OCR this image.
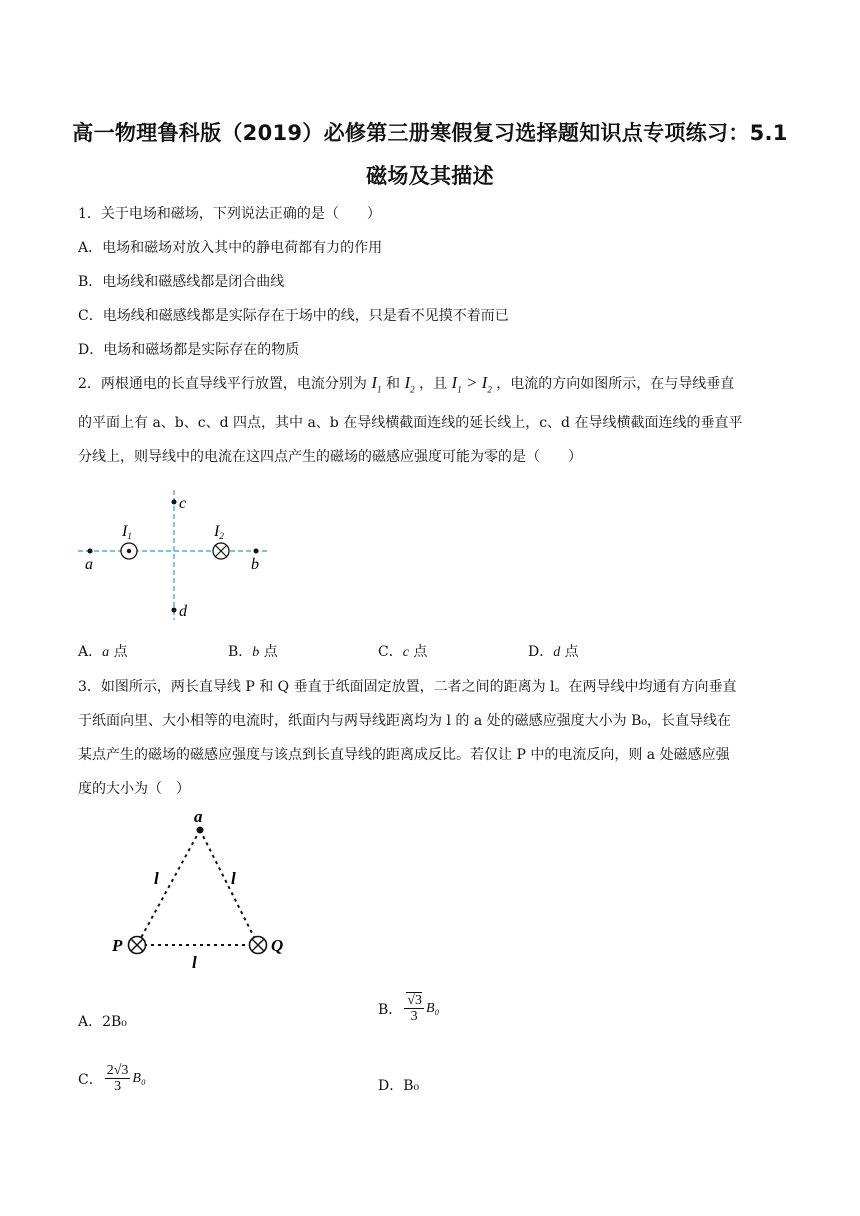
高一物理鲁科版（2019）必修第三册寒假复习选择题知识点专项练习：5.1
磁场及其描述
1．关于电场和磁场，下列说法正确的是（　　）
A．电场和磁场对放入其中的静电荷都有力的作用
B．电场线和磁感线都是闭合曲线
C．电场线和磁感线都是实际存在于场中的线，只是看不见摸不着而已
D．电场和磁场都是实际存在的物质
2．两根通电的长直导线平行放置，电流分别为 $I_1$ 和 $I_2$ ，且 $I_1 > I_2$ ，电流的方向如图所示，在与导线垂直
的平面上有 a、b、c、d 四点，其中 a、b 在导线横截面连线的延长线上，c、d 在导线横截面连线的垂直平
分线上，则导线中的电流在这四点产生的磁场的磁感应强度可能为零的是（　　）
a	b
c
d
I1	I2
A．a 点	B．b 点	C．c 点	D．d 点
3．如图所示，两长直导线 P 和 Q 垂直于纸面固定放置，二者之间的距离为 l。在两导线中均通有方向垂直
于纸面向里、大小相等的电流时，纸面内与两导线距离均为 l 的 a 处的磁感应强度大小为 B₀，长直导线在
某点产生的磁场的磁感应强度与该点到长直导线的距离成反比。若仅让 P 中的电流反向，则 a 处磁感应强
度的大小为（　）
a
l	l
l
P	Q
A．2B₀
B． $\frac{√3}{3} B_0$
C． $\frac{2√3}{3} B_0$	D．B₀
